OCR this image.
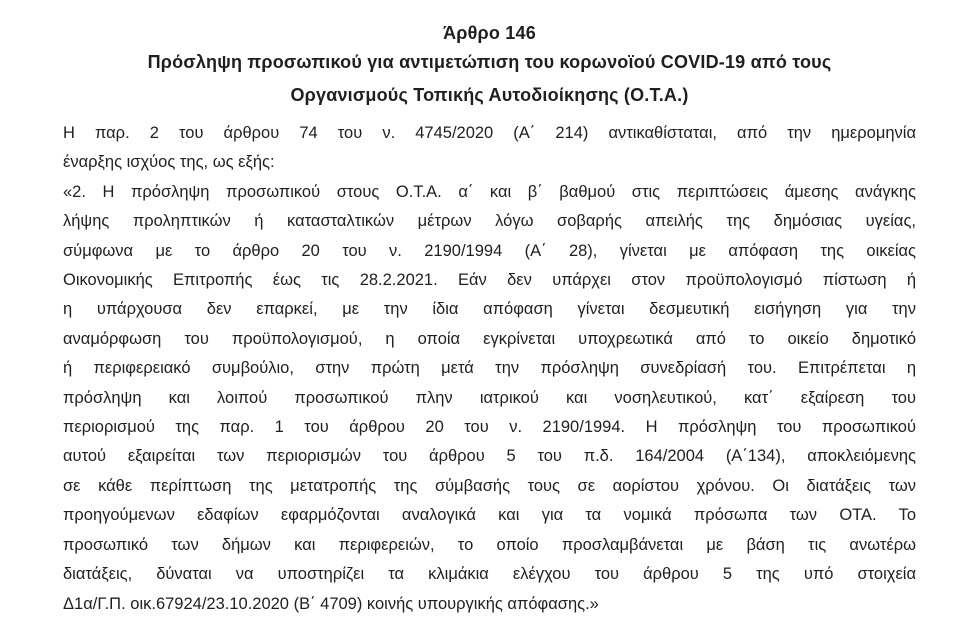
Άρθρο 146
Πρόσληψη προσωπικού για αντιμετώπιση του κορωνοϊού COVID-19 από τους
Οργανισμούς Τοπικής Αυτοδιοίκησης (Ο.Τ.Α.)
Η παρ. 2 του άρθρου 74 του ν. 4745/2020 (Α΄ 214) αντικαθίσταται, από την ημερομηνία
έναρξης ισχύος της, ως εξής:
«2. Η πρόσληψη προσωπικού στους Ο.Τ.Α. α΄ και β΄ βαθμού στις περιπτώσεις άμεσης ανάγκης
λήψης προληπτικών ή κατασταλτικών μέτρων λόγω σοβαρής απειλής της δημόσιας υγείας,
σύμφωνα με το άρθρο 20 του ν. 2190/1994 (Α΄ 28), γίνεται με απόφαση της οικείας
Οικονομικής Επιτροπής έως τις 28.2.2021. Εάν δεν υπάρχει στον προϋπολογισμό πίστωση ή
η υπάρχουσα δεν επαρκεί, με την ίδια απόφαση γίνεται δεσμευτική εισήγηση για την
αναμόρφωση του προϋπολογισμού, η οποία εγκρίνεται υποχρεωτικά από το οικείο δημοτικό
ή περιφερειακό συμβούλιο, στην πρώτη μετά την πρόσληψη συνεδρίασή του. Επιτρέπεται η
πρόσληψη και λοιπού προσωπικού πλην ιατρικού και νοσηλευτικού, κατ΄ εξαίρεση του
περιορισμού της παρ. 1 του άρθρου 20 του ν. 2190/1994. Η πρόσληψη του προσωπικού
αυτού εξαιρείται των περιορισμών του άρθρου 5 του π.δ. 164/2004 (Α΄134), αποκλειόμενης
σε κάθε περίπτωση της μετατροπής της σύμβασής τους σε αορίστου χρόνου. Οι διατάξεις των
προηγούμενων εδαφίων εφαρμόζονται αναλογικά και για τα νομικά πρόσωπα των ΟΤΑ. Το
προσωπικό των δήμων και περιφερειών, το οποίο προσλαμβάνεται με βάση τις ανωτέρω
διατάξεις, δύναται να υποστηρίζει τα κλιμάκια ελέγχου του άρθρου 5 της υπό στοιχεία
Δ1α/Γ.Π. οικ.67924/23.10.2020 (Β΄ 4709) κοινής υπουργικής απόφασης.»
